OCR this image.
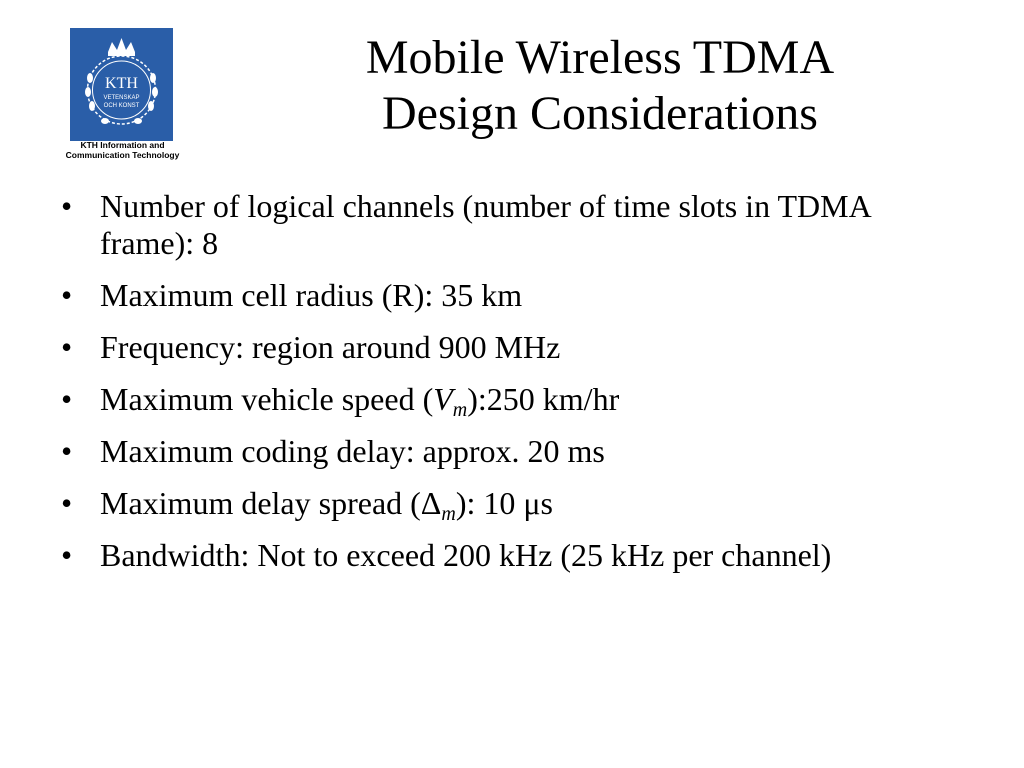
KTH
VETENSKAP
OCH KONST
KTH Information and
Communication Technology
Mobile Wireless TDMA
Design Considerations
• Number of logical channels (number of time slots in TDMA frame): 8
• Maximum cell radius (R): 35 km
• Frequency: region around 900 MHz
• Maximum vehicle speed $(V_m):250$ km/hr
• Maximum coding delay: approx. 20 ms
• Maximum delay spread $(\Delta_m)$: 10 μs
• Bandwidth: Not to exceed 200 kHz (25 kHz per channel)
